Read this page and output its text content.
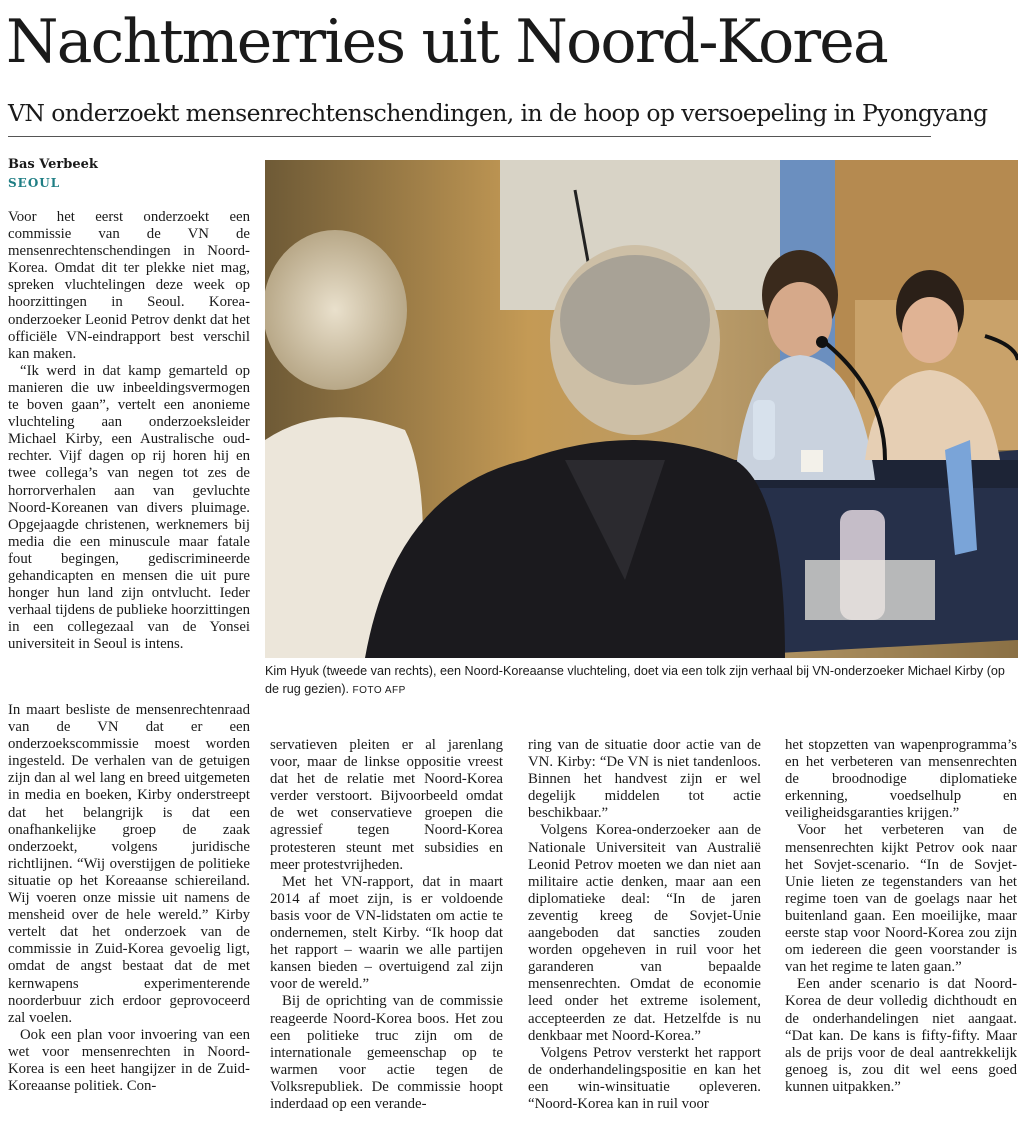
Nachtmerries uit Noord-Korea
VN onderzoekt mensenrechtenschendingen, in de hoop op versoepeling in Pyongyang
Bas Verbeek
SEOUL

Voor het eerst onderzoekt een commissie van de VN de mensenrechtenschendingen in Noord-Korea. Omdat dit ter plekke niet mag, spreken vluchtelingen deze week op hoorzittingen in Seoul. Korea-onderzoeker Leonid Petrov denkt dat het officiële VN-eindrapport best verschil kan maken.

“Ik werd in dat kamp gemarteld op manieren die uw inbeeldingsvermogen te boven gaan”, vertelt een anonieme vluchteling aan onderzoeksleider Michael Kirby, een Australische oud-rechter. Vijf dagen op rij horen hij en twee collega’s van negen tot zes de horrorverhalen aan van gevluchte Noord-Koreanen van divers pluimage. Opgejaagde christenen, werknemers bij media die een minuscule maar fatale fout begingen, gediscrimineerde gehandicapten en mensen die uit pure honger hun land zijn ontvlucht. Ieder verhaal tijdens de publieke hoorzittingen in een collegezaal van de Yonsei universiteit in Seoul is intens.

Kim Hyuk (tweede van rechts), een Noord-Koreaanse vluchteling, doet via een tolk zijn verhaal bij VN-onderzoeker Michael Kirby (op de rug gezien). FOTO AFP

In maart besliste de mensenrechtenraad van de VN dat er een onderzoekscommissie moest worden ingesteld. De verhalen van de getuigen zijn dan al wel lang en breed uitgemeten in media en boeken, Kirby onderstreept dat het belangrijk is dat een onafhankelijke groep de zaak onderzoekt, volgens juridische richtlijnen. “Wij overstijgen de politieke situatie op het Koreaanse schiereiland. Wij voeren onze missie uit namens de mensheid over de hele wereld.” Kirby vertelt dat het onderzoek van de commissie in Zuid-Korea gevoelig ligt, omdat de angst bestaat dat de met kernwapens experimenterende noorderbuur zich erdoor geprovoceerd zal voelen.

Ook een plan voor invoering van een wet voor mensenrechten in Noord-Korea is een heet hangijzer in de Zuid-Koreaanse politiek. Con-

servatieven pleiten er al jarenlang voor, maar de linkse oppositie vreest dat het de relatie met Noord-Korea verder verstoort. Bijvoorbeeld omdat de wet conservatieve groepen die agressief tegen Noord-Korea protesteren steunt met subsidies en meer protestvrijheden.

Met het VN-rapport, dat in maart 2014 af moet zijn, is er voldoende basis voor de VN-lidstaten om actie te ondernemen, stelt Kirby. “Ik hoop dat het rapport – waarin we alle partijen kansen bieden – overtuigend zal zijn voor de wereld.”

Bij de oprichting van de commissie reageerde Noord-Korea boos. Het zou een politieke truc zijn om de internationale gemeenschap op te warmen voor actie tegen de Volksrepubliek. De commissie hoopt inderdaad op een verande-

ring van de situatie door actie van de VN. Kirby: “De VN is niet tandenloos. Binnen het handvest zijn er wel degelijk middelen tot actie beschikbaar.”

Volgens Korea-onderzoeker aan de Nationale Universiteit van Australië Leonid Petrov moeten we dan niet aan militaire actie denken, maar aan een diplomatieke deal: “In de jaren zeventig kreeg de Sovjet-Unie aangeboden dat sancties zouden worden opgeheven in ruil voor het garanderen van bepaalde mensenrechten. Omdat de economie leed onder het extreme isolement, accepteerden ze dat. Hetzelfde is nu denkbaar met Noord-Korea.”

Volgens Petrov versterkt het rapport de onderhandelingspositie en kan het een win-winsituatie opleveren. “Noord-Korea kan in ruil voor

het stopzetten van wapenprogramma’s en het verbeteren van mensenrechten de broodnodige diplomatieke erkenning, voedselhulp en veiligheidsgaranties krijgen.”

Voor het verbeteren van de mensenrechten kijkt Petrov ook naar het Sovjet-scenario. “In de Sovjet-Unie lieten ze tegenstanders van het regime toen van de goelags naar het buitenland gaan. Een moeilijke, maar eerste stap voor Noord-Korea zou zijn om iedereen die geen voorstander is van het regime te laten gaan.”

Een ander scenario is dat Noord-Korea de deur volledig dichthoudt en de onderhandelingen niet aangaat. “Dat kan. De kans is fifty-fifty. Maar als de prijs voor de deal aantrekkelijk genoeg is, zou dit wel eens goed kunnen uitpakken.”
